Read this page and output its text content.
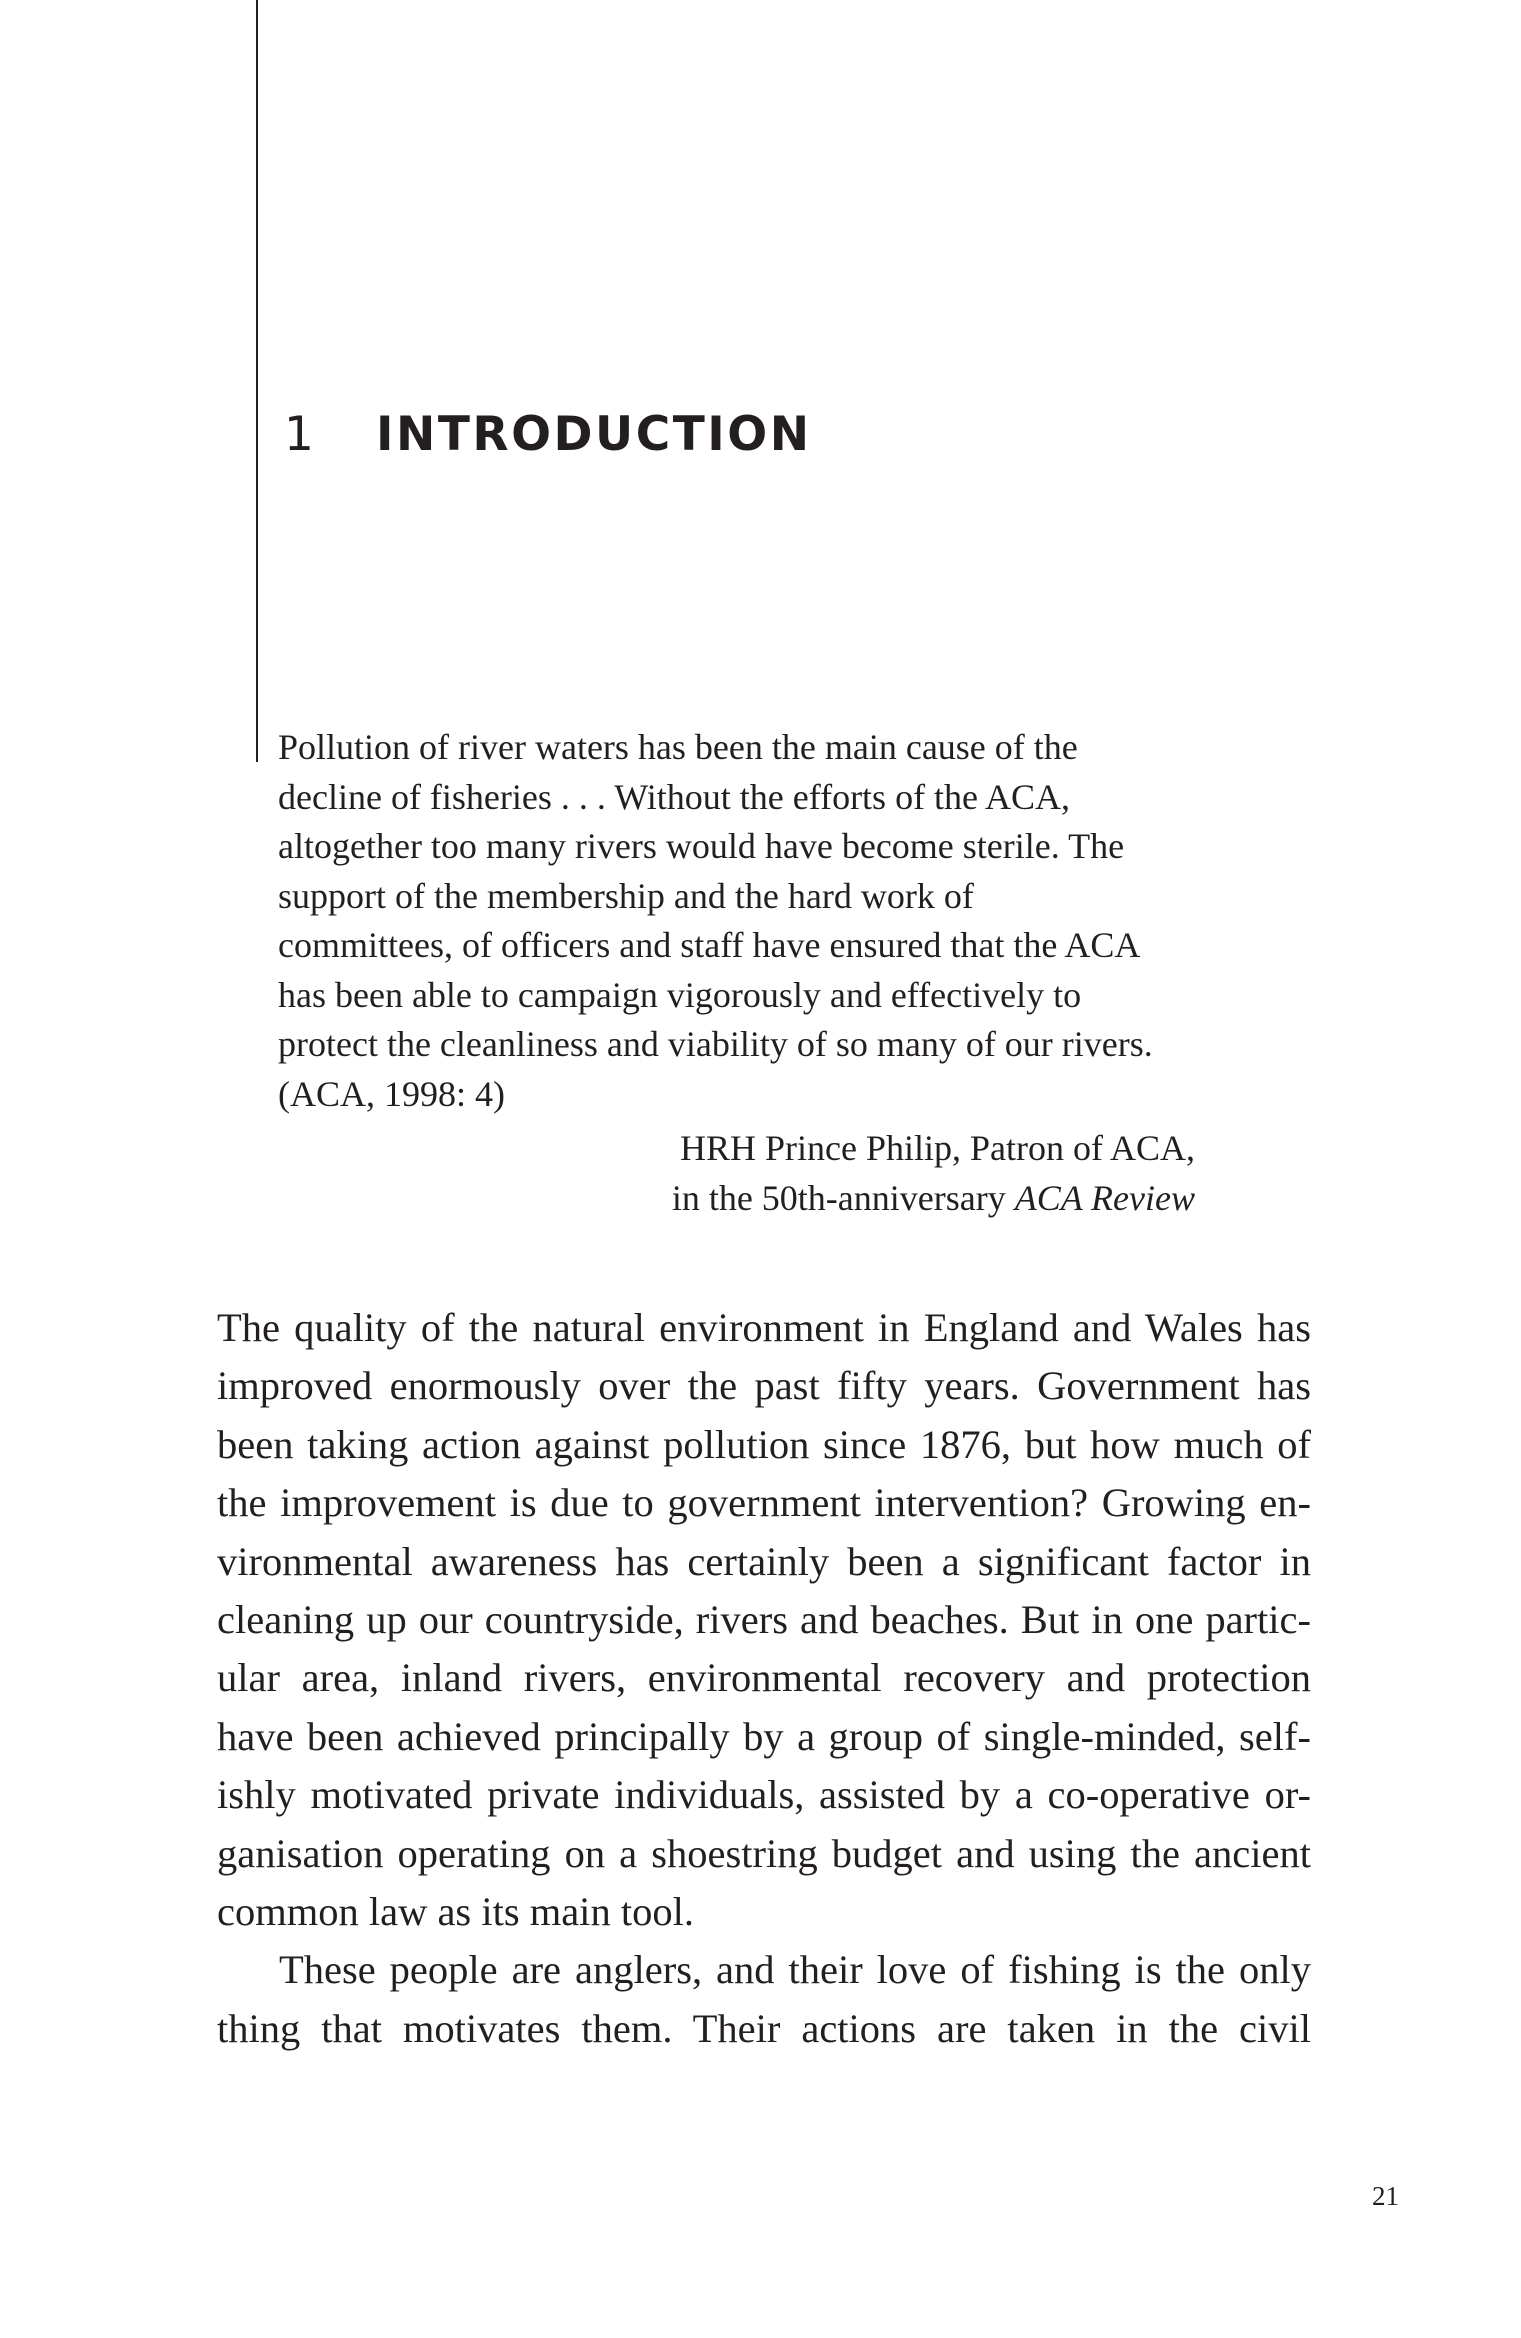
1 INTRODUCTION
Pollution of river waters has been the main cause of the
decline of fisheries . . . Without the efforts of the ACA,
altogether too many rivers would have become sterile. The
support of the membership and the hard work of
committees, of officers and staff have ensured that the ACA
has been able to campaign vigorously and effectively to
protect the cleanliness and viability of so many of our rivers.
(ACA, 1998: 4)
HRH Prince Philip, Patron of ACA,
in the 50th-anniversary ACA Review
The quality of the natural environment in England and Wales has
improved enormously over the past fifty years. Government has
been taking action against pollution since 1876, but how much of
the improvement is due to government intervention? Growing en-
vironmental awareness has certainly been a significant factor in
cleaning up our countryside, rivers and beaches. But in one partic-
ular area, inland rivers, environmental recovery and protection
have been achieved principally by a group of single-minded, self-
ishly motivated private individuals, assisted by a co-operative or-
ganisation operating on a shoestring budget and using the ancient
common law as its main tool.
These people are anglers, and their love of fishing is the only
thing that motivates them. Their actions are taken in the civil
21
